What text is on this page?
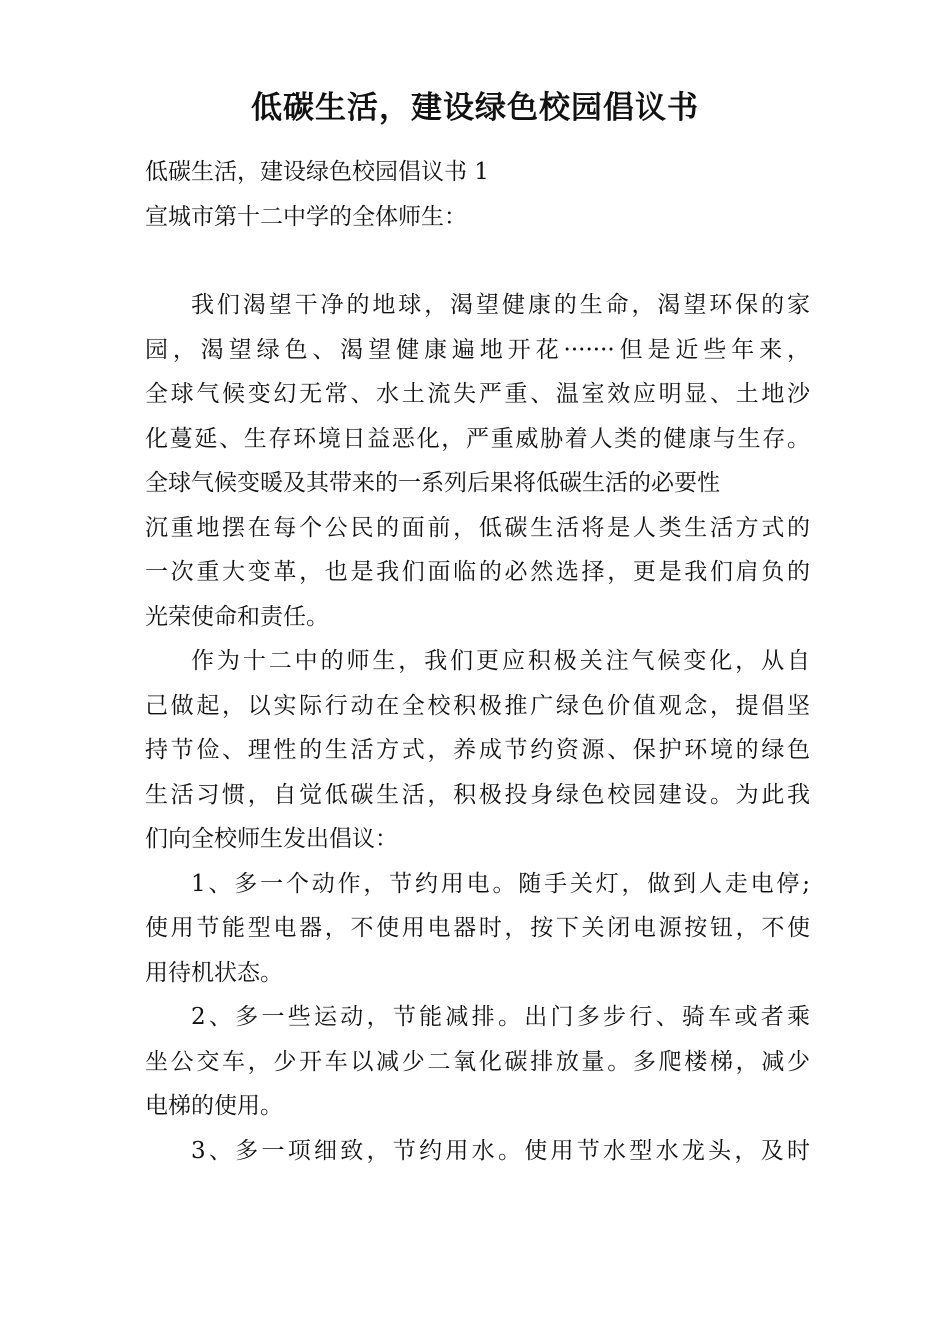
低碳生活，建设绿色校园倡议书
低碳生活，建设绿色校园倡议书 1
宣城市第十二中学的全体师生：
我们渴望干净的地球，渴望健康的生命，渴望环保的家
园，渴望绿色、渴望健康遍地开花·······但是近些年来，
全球气候变幻无常、水土流失严重、温室效应明显、土地沙
化蔓延、生存环境日益恶化，严重威胁着人类的健康与生存。
全球气候变暖及其带来的一系列后果将低碳生活的必要性
沉重地摆在每个公民的面前，低碳生活将是人类生活方式的
一次重大变革，也是我们面临的必然选择，更是我们肩负的
光荣使命和责任。
作为十二中的师生，我们更应积极关注气候变化，从自
己做起，以实际行动在全校积极推广绿色价值观念，提倡坚
持节俭、理性的生活方式，养成节约资源、保护环境的绿色
生活习惯，自觉低碳生活，积极投身绿色校园建设。为此我
们向全校师生发出倡议：
1、多一个动作，节约用电。随手关灯，做到人走电停;
使用节能型电器，不使用电器时，按下关闭电源按钮，不使
用待机状态。
2、多一些运动，节能减排。出门多步行、骑车或者乘
坐公交车，少开车以减少二氧化碳排放量。多爬楼梯，减少
电梯的使用。
3、多一项细致，节约用水。使用节水型水龙头，及时
